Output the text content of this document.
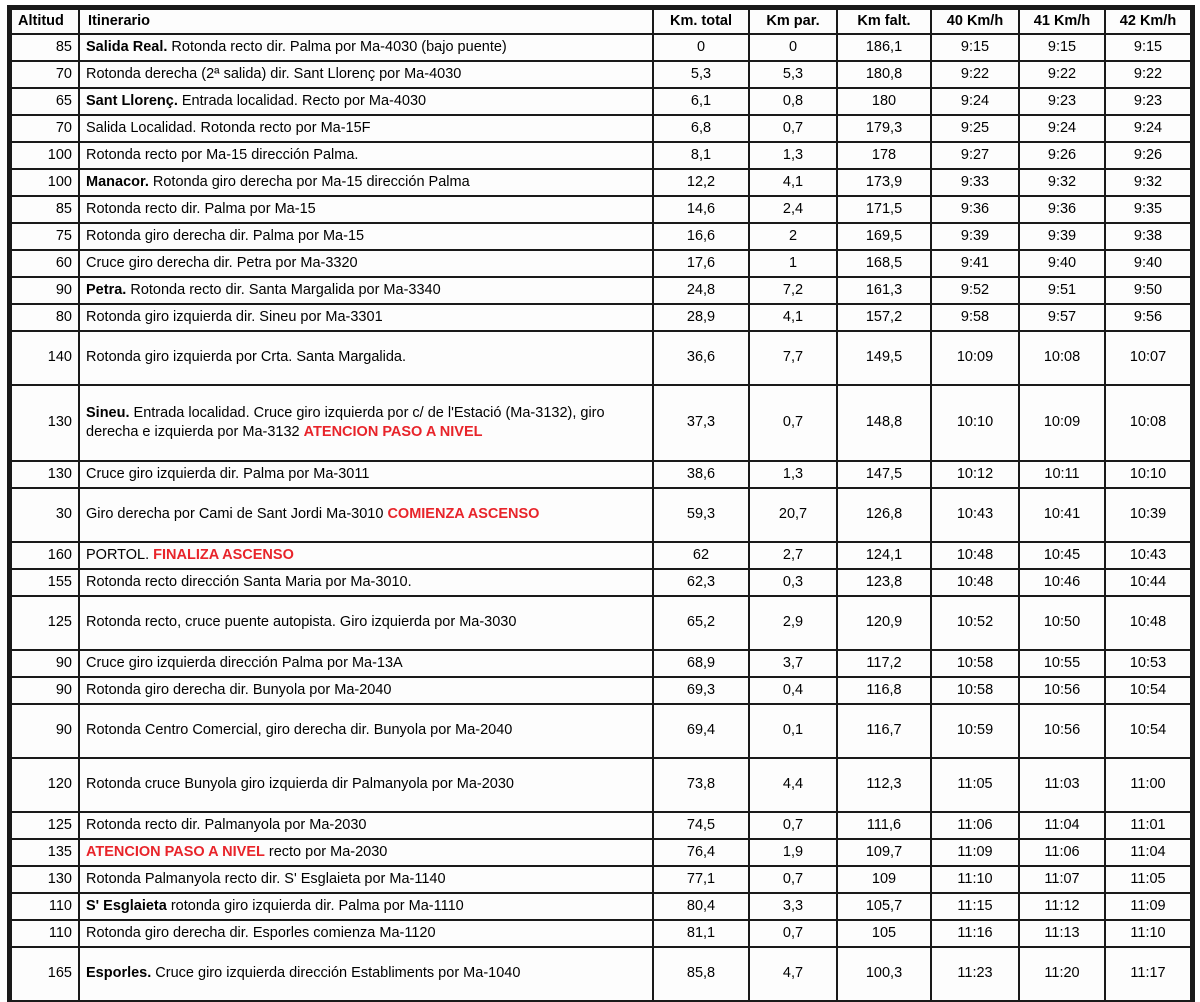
Altitud	Itinerario	Km. total	Km par.	Km falt.	40 Km/h	41 Km/h	42 Km/h
85	Salida Real. Rotonda recto dir. Palma por Ma-4030 (bajo puente)	0	0	186,1	9:15	9:15	9:15
70	Rotonda derecha (2ª salida) dir. Sant Llorenç por Ma-4030	5,3	5,3	180,8	9:22	9:22	9:22
65	Sant Llorenç. Entrada localidad. Recto por Ma-4030	6,1	0,8	180	9:24	9:23	9:23
70	Salida Localidad. Rotonda recto por Ma-15F	6,8	0,7	179,3	9:25	9:24	9:24
100	Rotonda recto por Ma-15 dirección Palma.	8,1	1,3	178	9:27	9:26	9:26
100	Manacor. Rotonda giro derecha por Ma-15 dirección Palma	12,2	4,1	173,9	9:33	9:32	9:32
85	Rotonda recto dir. Palma por Ma-15	14,6	2,4	171,5	9:36	9:36	9:35
75	Rotonda giro derecha dir. Palma por Ma-15	16,6	2	169,5	9:39	9:39	9:38
60	Cruce giro derecha dir. Petra por Ma-3320	17,6	1	168,5	9:41	9:40	9:40
90	Petra. Rotonda recto dir. Santa Margalida por Ma-3340	24,8	7,2	161,3	9:52	9:51	9:50
80	Rotonda giro izquierda dir. Sineu por Ma-3301	28,9	4,1	157,2	9:58	9:57	9:56
140	Rotonda giro izquierda por Crta. Santa Margalida.	36,6	7,7	149,5	10:09	10:08	10:07
130	Sineu. Entrada localidad. Cruce giro izquierda por c/ de l'Estació (Ma-3132), giro derecha e izquierda por Ma-3132 ATENCION PASO A NIVEL	37,3	0,7	148,8	10:10	10:09	10:08
130	Cruce giro izquierda dir. Palma por Ma-3011	38,6	1,3	147,5	10:12	10:11	10:10
30	Giro derecha por Cami de Sant Jordi Ma-3010 COMIENZA ASCENSO	59,3	20,7	126,8	10:43	10:41	10:39
160	PORTOL. FINALIZA ASCENSO	62	2,7	124,1	10:48	10:45	10:43
155	Rotonda recto dirección Santa Maria por Ma-3010.	62,3	0,3	123,8	10:48	10:46	10:44
125	Rotonda recto, cruce puente autopista. Giro izquierda por Ma-3030	65,2	2,9	120,9	10:52	10:50	10:48
90	Cruce giro izquierda dirección Palma por Ma-13A	68,9	3,7	117,2	10:58	10:55	10:53
90	Rotonda giro derecha dir. Bunyola por Ma-2040	69,3	0,4	116,8	10:58	10:56	10:54
90	Rotonda Centro Comercial, giro derecha dir. Bunyola por Ma-2040	69,4	0,1	116,7	10:59	10:56	10:54
120	Rotonda cruce Bunyola giro izquierda dir Palmanyola por Ma-2030	73,8	4,4	112,3	11:05	11:03	11:00
125	Rotonda recto dir. Palmanyola por Ma-2030	74,5	0,7	111,6	11:06	11:04	11:01
135	ATENCION PASO A NIVEL recto por Ma-2030	76,4	1,9	109,7	11:09	11:06	11:04
130	Rotonda Palmanyola recto dir. S' Esglaieta por Ma-1140	77,1	0,7	109	11:10	11:07	11:05
110	S' Esglaieta rotonda giro izquierda dir. Palma por Ma-1110	80,4	3,3	105,7	11:15	11:12	11:09
110	Rotonda giro derecha dir. Esporles comienza Ma-1120	81,1	0,7	105	11:16	11:13	11:10
165	Esporles. Cruce giro izquierda dirección Establiments por Ma-1040	85,8	4,7	100,3	11:23	11:20	11:17
